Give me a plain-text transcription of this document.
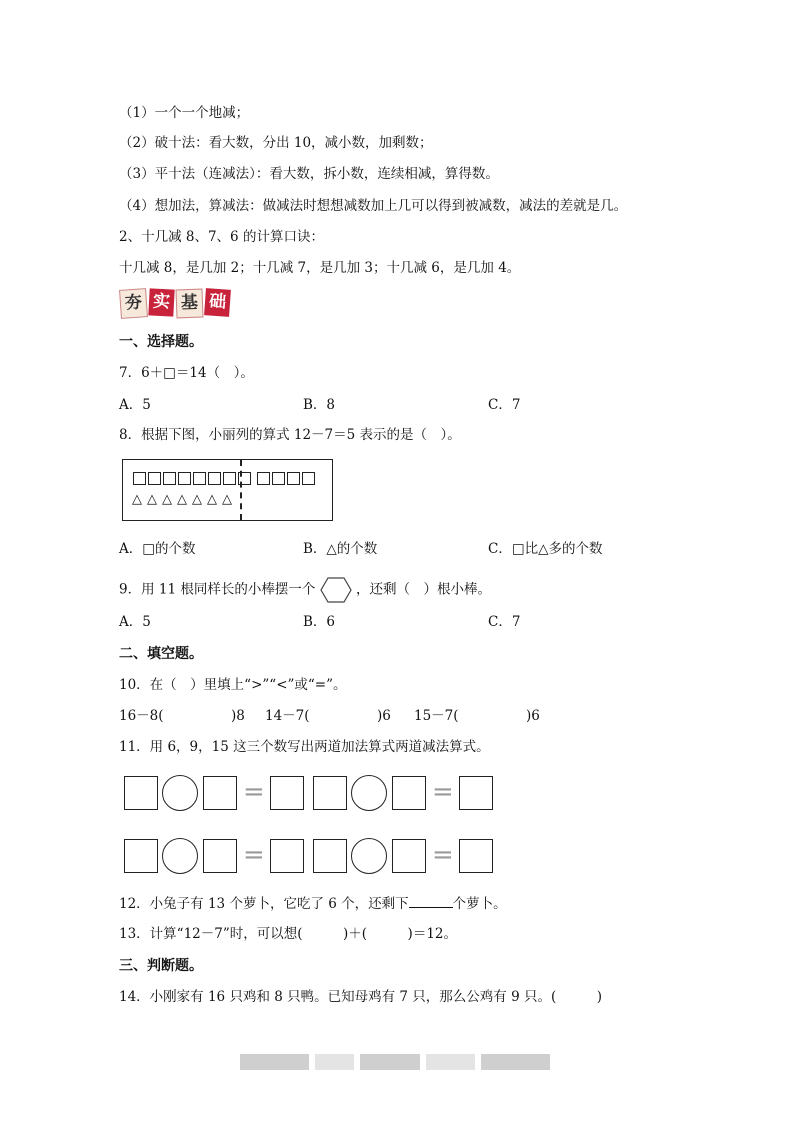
（1）一个一个地减；
（2）破十法：看大数，分出 10，减小数，加剩数；
（3）平十法（连减法）：看大数，拆小数，连续相减，算得数。
（4）想加法，算减法：做减法时想想减数加上几可以得到被减数，减法的差就是几。
2、十几减 8、7、6 的计算口诀：
十几减 8，是几加 2；十几减 7，是几加 3；十几减 6，是几加 4。
夯 实 基 础
一、选择题。
7．6＋□＝14（　）。
A．5	B．8	C．7
8．根据下图，小丽列的算式 12－7＝5 表示的是（　）。
△ △ △ △ △ △ △
A．□的个数	B．△的个数	C．□比△多的个数
9．用 11 根同样长的小棒摆一个	，还剩（　）根小棒。
A．5	B．6	C．7
二、填空题。
10．在（　）里填上“>”“<”或“=”。
16－8(　　　　　)8 14－7(　　　　　)6 15－7(　　　　　)6
11．用 6，9，15 这三个数写出两道加法算式两道减法算式。
=	=
=	=
12．小兔子有 13 个萝卜，它吃了 6 个，还剩下	个萝卜。
13．计算“12－7”时，可以想(　　　)＋(　　　)＝12。
三、判断题。
14．小刚家有 16 只鸡和 8 只鸭。已知母鸡有 7 只，那么公鸡有 9 只。(　　　)
